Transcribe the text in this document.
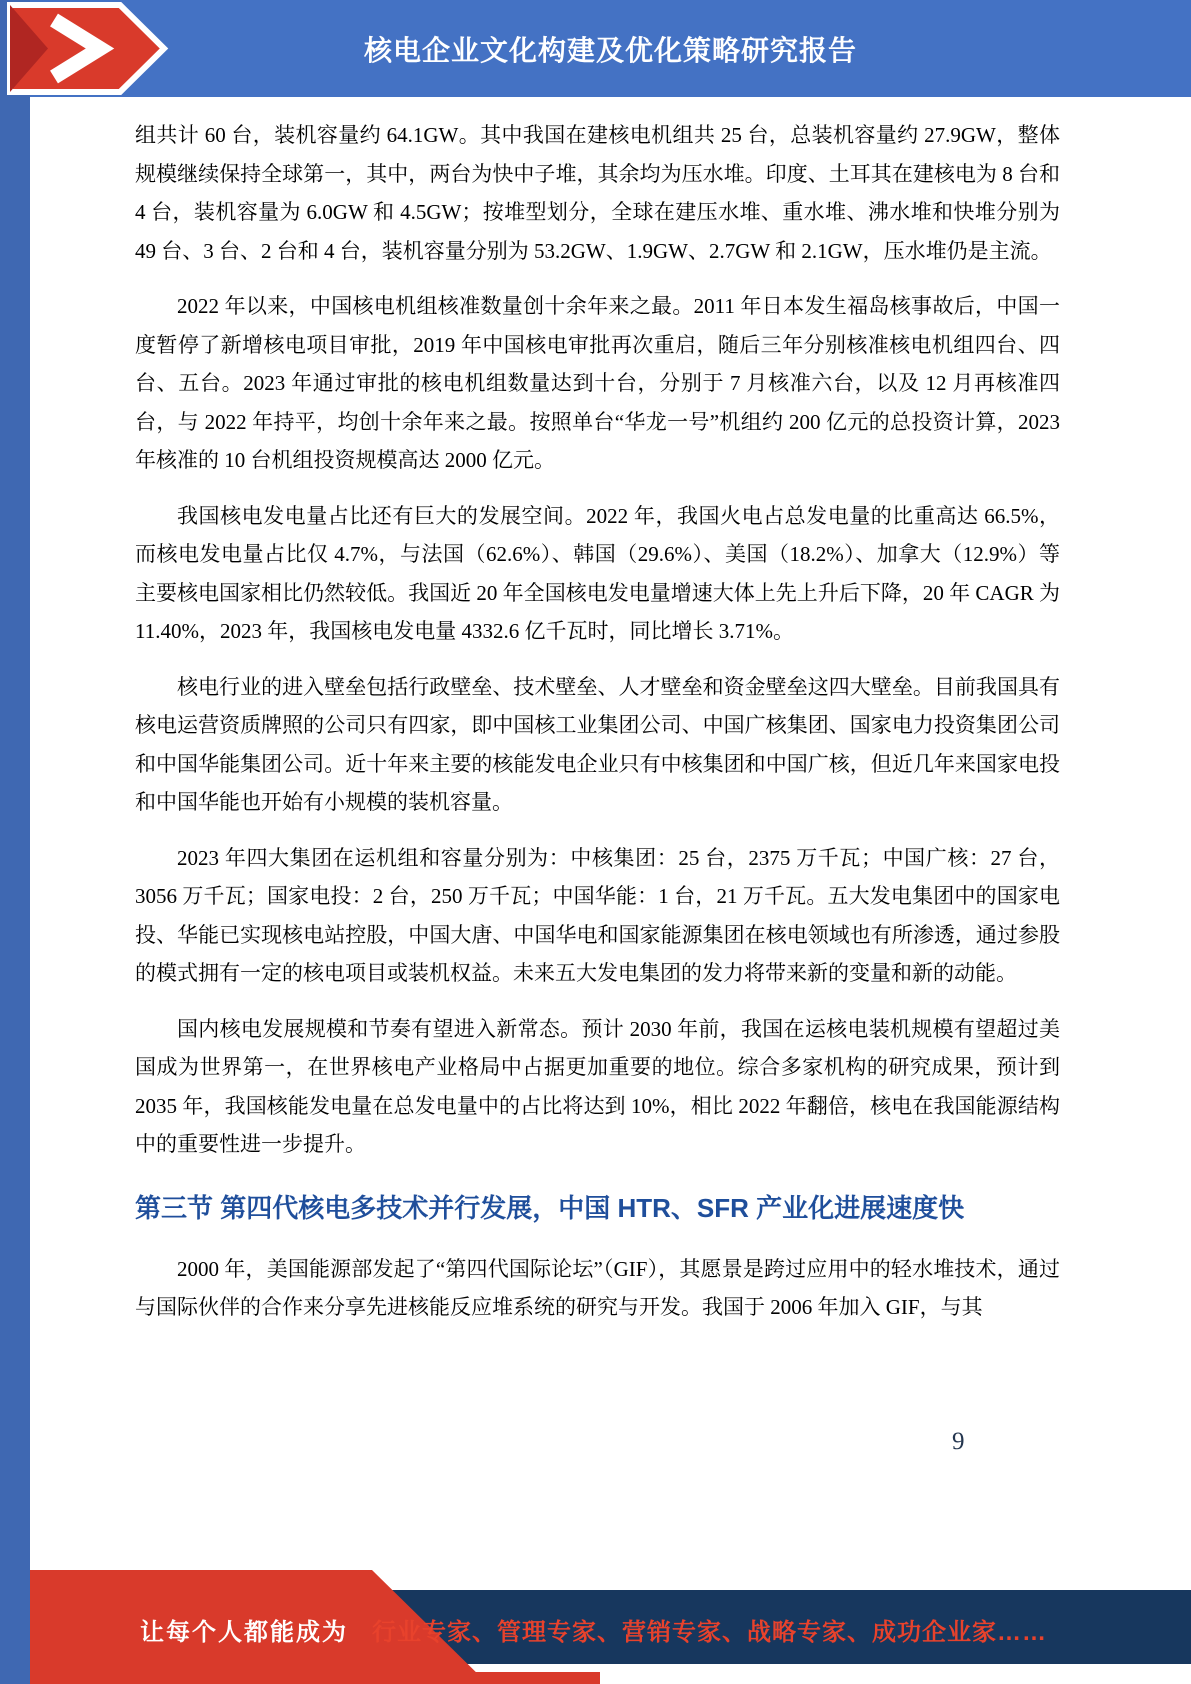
核电企业文化构建及优化策略研究报告

组共计 60 台，装机容量约 64.1GW。其中我国在建核电机组共 25 台，总装机容量约 27.9GW，整体规模继续保持全球第一，其中，两台为快中子堆，其余均为压水堆。印度、土耳其在建核电为 8 台和 4 台，装机容量为 6.0GW 和 4.5GW；按堆型划分，全球在建压水堆、重水堆、沸水堆和快堆分别为 49 台、3 台、2 台和 4 台，装机容量分别为 53.2GW、1.9GW、2.7GW 和 2.1GW，压水堆仍是主流。

2022 年以来，中国核电机组核准数量创十余年来之最。2011 年日本发生福岛核事故后，中国一度暂停了新增核电项目审批，2019 年中国核电审批再次重启，随后三年分别核准核电机组四台、四台、五台。2023 年通过审批的核电机组数量达到十台，分别于 7 月核准六台，以及 12 月再核准四台，与 2022 年持平，均创十余年来之最。按照单台“华龙一号”机组约 200 亿元的总投资计算，2023 年核准的 10 台机组投资规模高达 2000 亿元。

我国核电发电量占比还有巨大的发展空间。2022 年，我国火电占总发电量的比重高达 66.5%，而核电发电量占比仅 4.7%，与法国（62.6%）、韩国（29.6%）、美国（18.2%）、加拿大（12.9%）等主要核电国家相比仍然较低。我国近 20 年全国核电发电量增速大体上先上升后下降，20 年 CAGR 为 11.40%，2023 年，我国核电发电量 4332.6 亿千瓦时，同比增长 3.71%。

核电行业的进入壁垒包括行政壁垒、技术壁垒、人才壁垒和资金壁垒这四大壁垒。目前我国具有核电运营资质牌照的公司只有四家，即中国核工业集团公司、中国广核集团、国家电力投资集团公司和中国华能集团公司。近十年来主要的核能发电企业只有中核集团和中国广核，但近几年来国家电投和中国华能也开始有小规模的装机容量。

2023 年四大集团在运机组和容量分别为：中核集团：25 台，2375 万千瓦；中国广核：27 台，3056 万千瓦；国家电投：2 台，250 万千瓦；中国华能：1 台，21 万千瓦。五大发电集团中的国家电投、华能已实现核电站控股，中国大唐、中国华电和国家能源集团在核电领域也有所渗透，通过参股的模式拥有一定的核电项目或装机权益。未来五大发电集团的发力将带来新的变量和新的动能。

国内核电发展规模和节奏有望进入新常态。预计 2030 年前，我国在运核电装机规模有望超过美国成为世界第一，在世界核电产业格局中占据更加重要的地位。综合多家机构的研究成果，预计到 2035 年，我国核能发电量在总发电量中的占比将达到 10%，相比 2022 年翻倍，核电在我国能源结构中的重要性进一步提升。

第三节 第四代核电多技术并行发展，中国 HTR、SFR 产业化进展速度快

2000 年，美国能源部发起了“第四代国际论坛”（GIF），其愿景是跨过应用中的轻水堆技术，通过与国际伙伴的合作来分享先进核能反应堆系统的研究与开发。我国于 2006 年加入 GIF，与其

9
让每个人都能成为 行业专家、管理专家、营销专家、战略专家、成功企业家……
